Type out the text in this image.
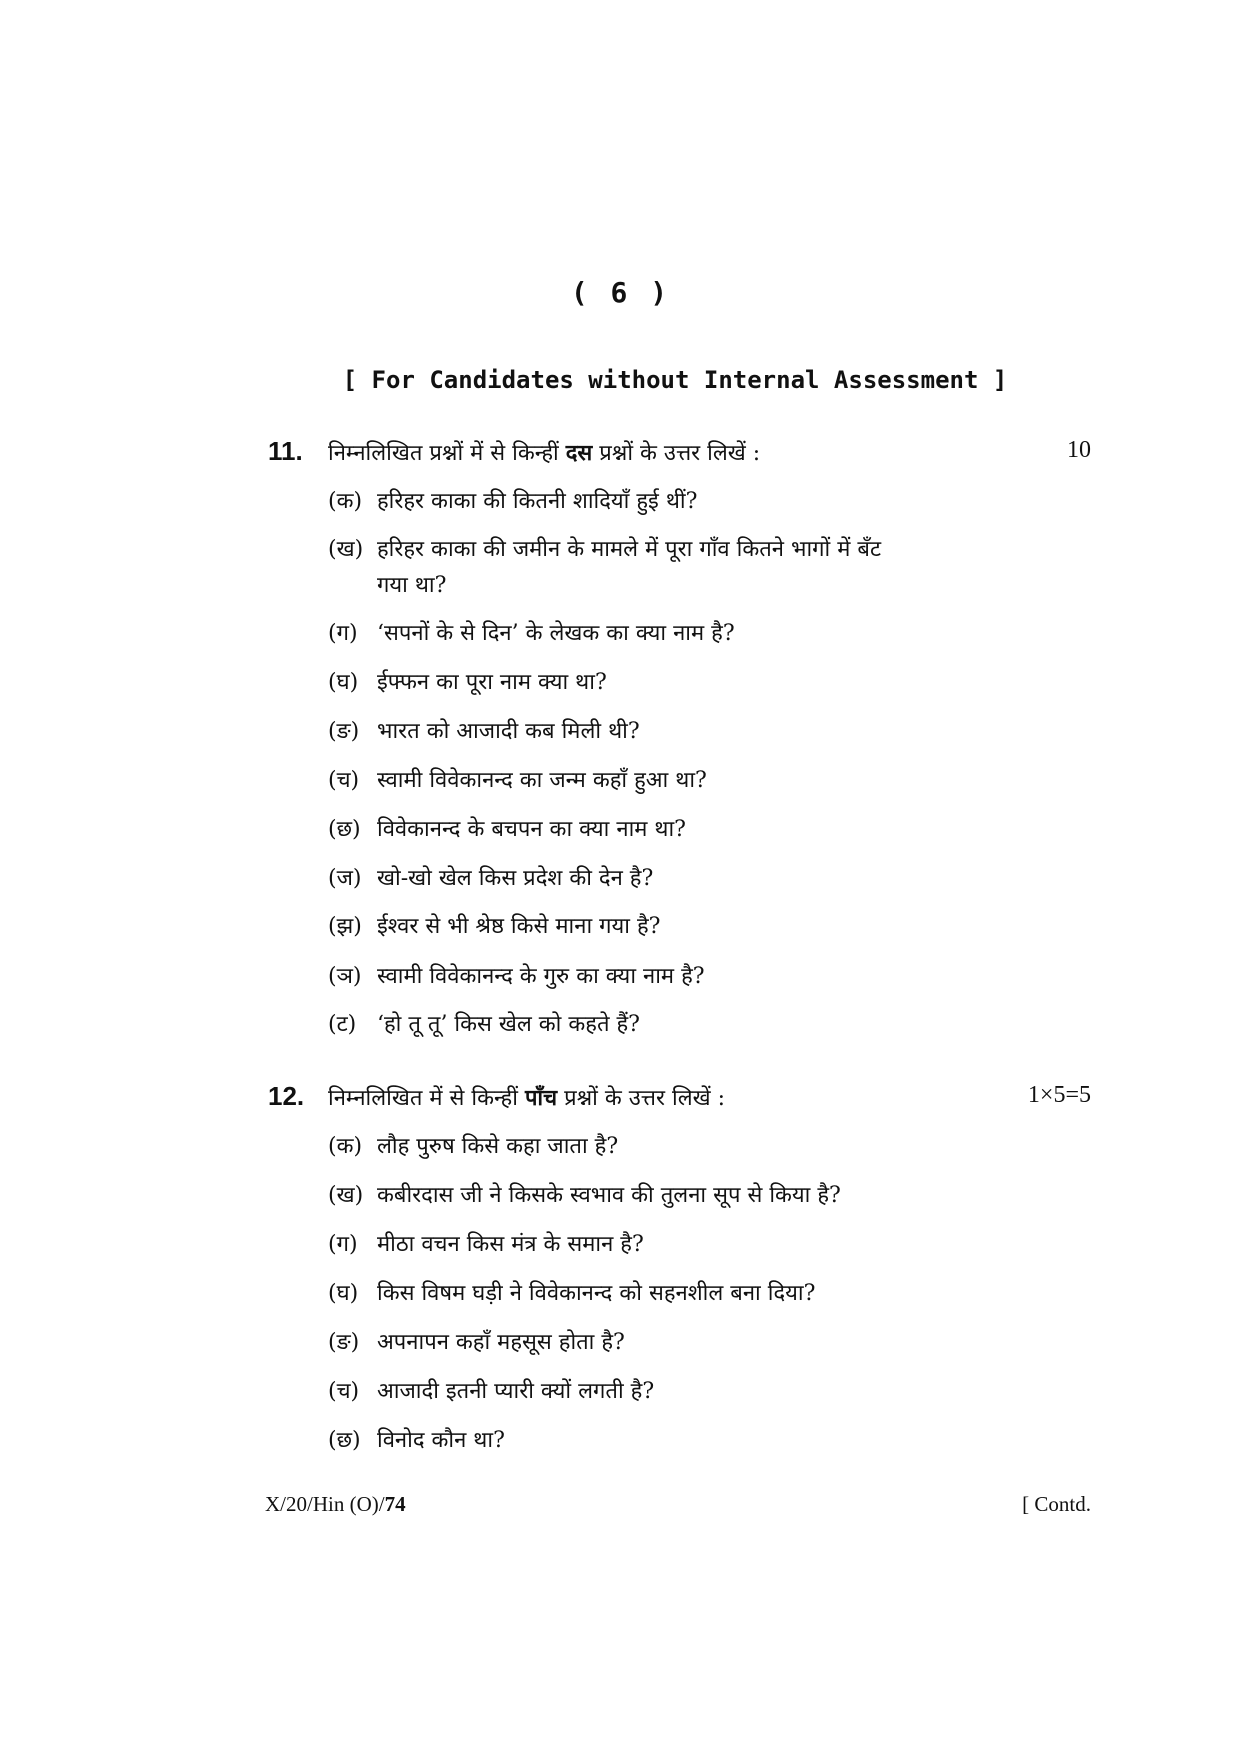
( 6 )
[ For Candidates without Internal Assessment ]
11. निम्नलिखित प्रश्नों में से किन्हीं दस प्रश्नों के उत्तर लिखें :	10
(क) हरिहर काका की कितनी शादियाँ हुई थीं?
(ख) हरिहर काका की जमीन के मामले में पूरा गाँव कितने भागों में बँट
गया था?
(ग) ‘सपनों के से दिन’ के लेखक का क्या नाम है?
(घ) ईफ्फन का पूरा नाम क्या था?
(ङ) भारत को आजादी कब मिली थी?
(च) स्वामी विवेकानन्द का जन्म कहाँ हुआ था?
(छ) विवेकानन्द के बचपन का क्या नाम था?
(ज) खो-खो खेल किस प्रदेश की देन है?
(झ) ईश्वर से भी श्रेष्ठ किसे माना गया है?
(ञ) स्वामी विवेकानन्द के गुरु का क्या नाम है?
(ट) ‘हो तू तू’ किस खेल को कहते हैं?
12. निम्नलिखित में से किन्हीं पाँच प्रश्नों के उत्तर लिखें :	1×5=5
(क) लौह पुरुष किसे कहा जाता है?
(ख) कबीरदास जी ने किसके स्वभाव की तुलना सूप से किया है?
(ग) मीठा वचन किस मंत्र के समान है?
(घ) किस विषम घड़ी ने विवेकानन्द को सहनशील बना दिया?
(ङ) अपनापन कहाँ महसूस होता है?
(च) आजादी इतनी प्यारी क्यों लगती है?
(छ) विनोद कौन था?
X/20/Hin (O)/74	[ Contd.
